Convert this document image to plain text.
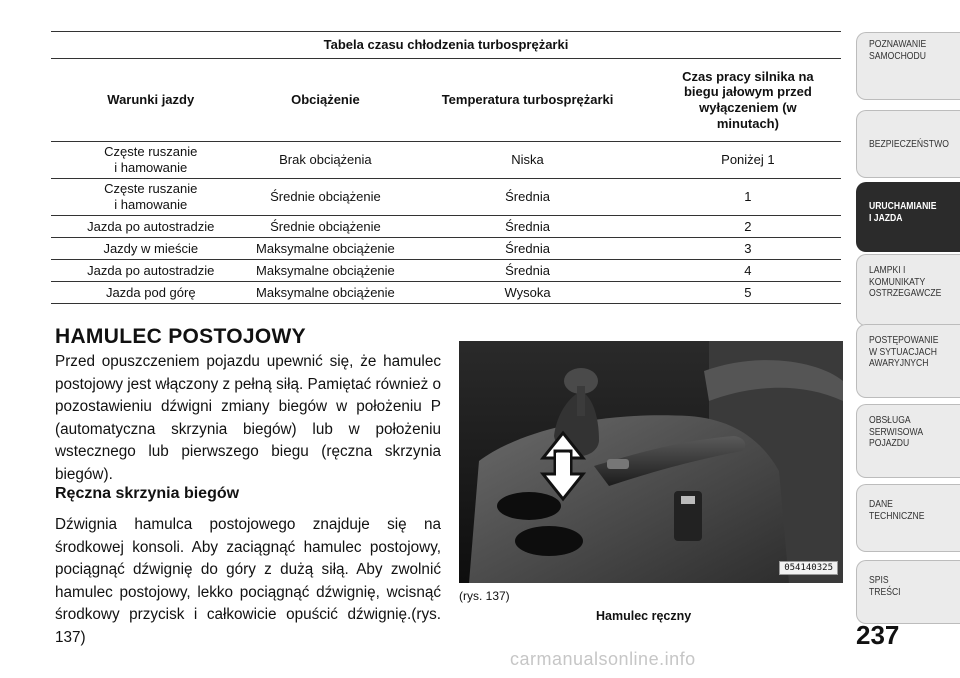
Tabela czasu chłodzenia turbosprężarki			
Warunki jazdy	Obciążenie	Temperatura turbosprężarki	Czas pracy silnika na biegu jałowym przed wyłączeniem (w minutach)
Częste ruszanie i hamowanie	Brak obciążenia	Niska	Poniżej 1
Częste ruszanie i hamowanie	Średnie obciążenie	Średnia	1
Jazda po autostradzie	Średnie obciążenie	Średnia	2
Jazdy w mieście	Maksymalne obciążenie	Średnia	3
Jazda po autostradzie	Maksymalne obciążenie	Średnia	4
Jazda pod górę	Maksymalne obciążenie	Wysoka	5
HAMULEC POSTOJOWY

Przed opuszczeniem pojazdu upewnić się, że hamulec postojowy jest włączony z pełną siłą. Pamiętać również o pozostawieniu dźwigni zmiany biegów w położeniu P (automatyczna skrzynia biegów) lub w położeniu wstecznego lub pierwszego biegu (ręczna skrzynia biegów).

Ręczna skrzynia biegów

Dźwignia hamulca postojowego znajduje się na środkowej konsoli. Aby zaciągnąć hamulec postojowy, pociągnąć dźwignię do góry z dużą siłą. Aby zwolnić hamulec postojowy, lekko pociągnąć dźwignię, wcisnąć środkowy przycisk i całkowicie opuścić dźwignię.(rys. 137)

054140325
(rys. 137)
Hamulec ręczny
POZNAWANIE
SAMOCHODU
BEZPIECZEŃSTWO
URUCHAMIANIE
I JAZDA
LAMPKI I
KOMUNIKATY
OSTRZEGAWCZE
POSTĘPOWANIE
W SYTUACJACH
AWARYJNYCH
OBSŁUGA
SERWISOWA
POJAZDU
DANE
TECHNICZNE
SPIS
TREŚCI
237
carmanualsonline.info
